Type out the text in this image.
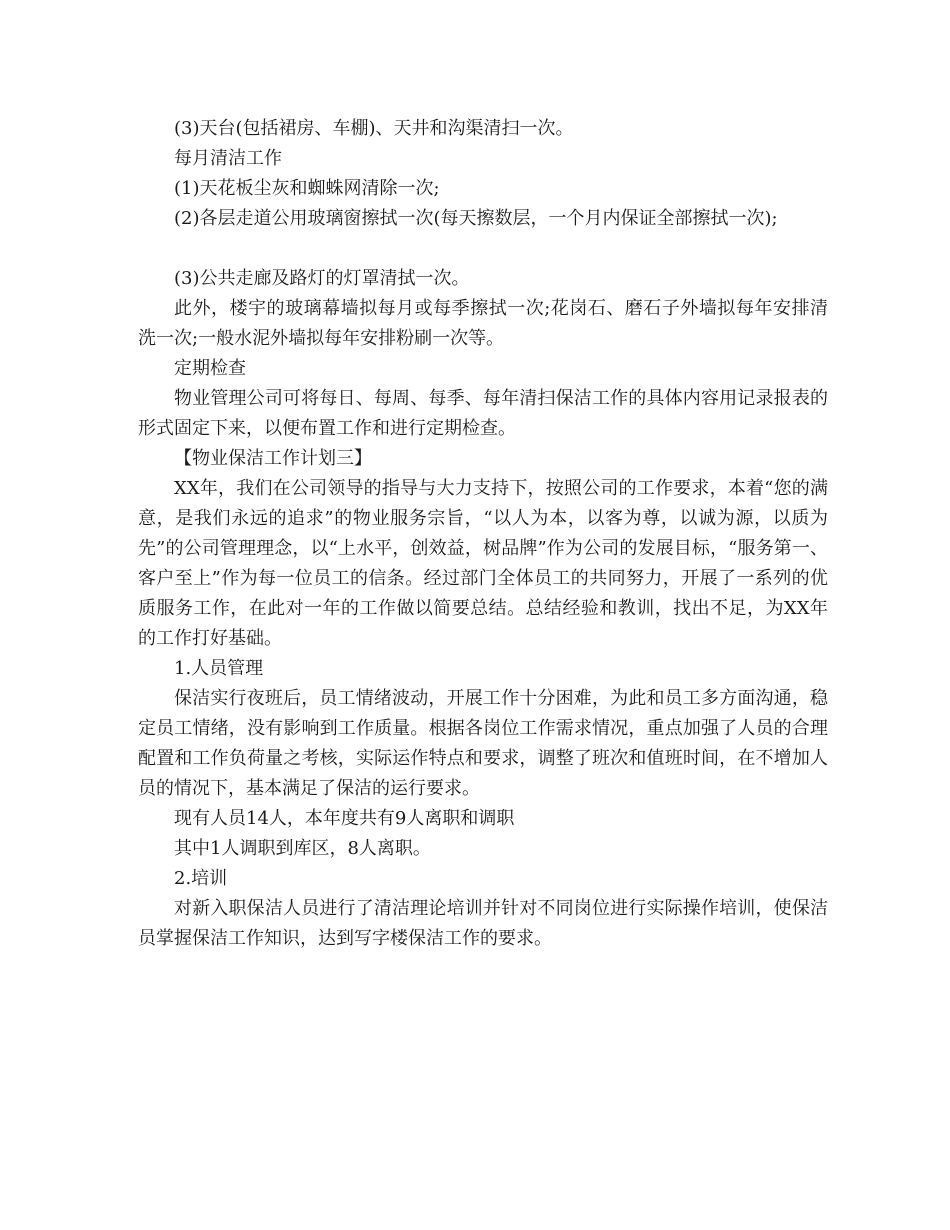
(3)天台(包括裙房、车棚)、天井和沟渠清扫一次。

每月清洁工作

(1)天花板尘灰和蜘蛛网清除一次;

(2)各层走道公用玻璃窗擦拭一次(每天擦数层，一个月内保证全部擦拭一次);

(3)公共走廊及路灯的灯罩清拭一次。

此外，楼宇的玻璃幕墙拟每月或每季擦拭一次;花岗石、磨石子外墙拟每年安排清洗一次;一般水泥外墙拟每年安排粉刷一次等。

定期检查

物业管理公司可将每日、每周、每季、每年清扫保洁工作的具体内容用记录报表的形式固定下来，以便布置工作和进行定期检查。

【物业保洁工作计划三】

XX年，我们在公司领导的指导与大力支持下，按照公司的工作要求，本着“您的满意，是我们永远的追求”的物业服务宗旨，“以人为本，以客为尊，以诚为源，以质为先”的公司管理理念，以“上水平，创效益，树品牌”作为公司的发展目标，“服务第一、客户至上”作为每一位员工的信条。经过部门全体员工的共同努力，开展了一系列的优质服务工作，在此对一年的工作做以简要总结。总结经验和教训，找出不足，为XX年的工作打好基础。

1.人员管理

保洁实行夜班后，员工情绪波动，开展工作十分困难，为此和员工多方面沟通，稳定员工情绪，没有影响到工作质量。根据各岗位工作需求情况，重点加强了人员的合理配置和工作负荷量之考核，实际运作特点和要求，调整了班次和值班时间，在不增加人员的情况下，基本满足了保洁的运行要求。

现有人员14人，本年度共有9人离职和调职

其中1人调职到库区，8人离职。

2.培训

对新入职保洁人员进行了清洁理论培训并针对不同岗位进行实际操作培训，使保洁员掌握保洁工作知识，达到写字楼保洁工作的要求。
